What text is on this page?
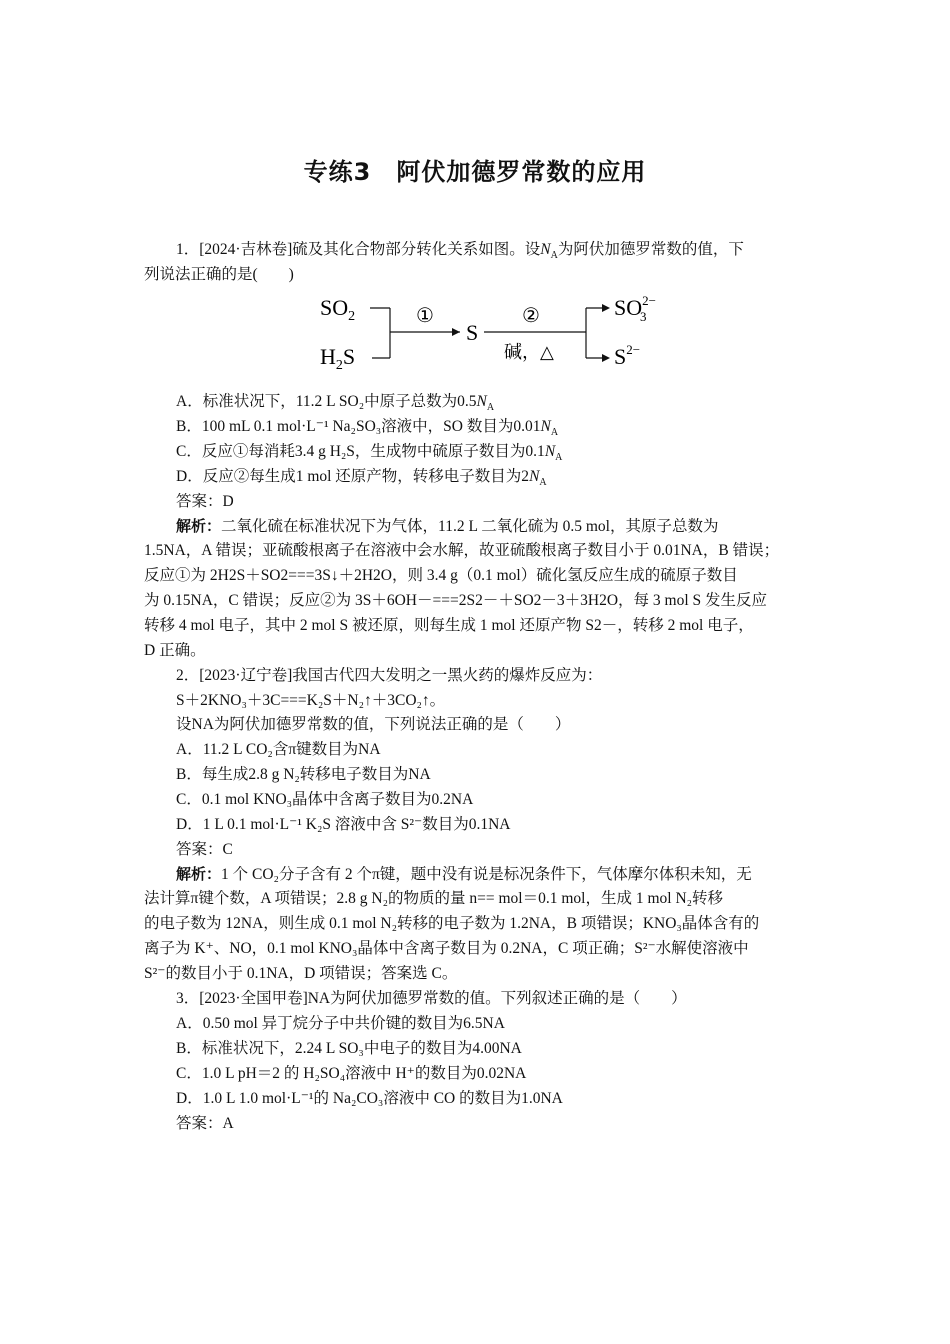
专练3　阿伏加德罗常数的应用
1．[2024·吉林卷]硫及其化合物部分转化关系如图。设$N_A$为阿伏加德罗常数的值，下
列说法正确的是(　　)
$SO_2$
$H_2S$
①
S
②
碱，△
$SO^{2-}$ 3
$S^{2-}$
A．标准状况下，11.2 L SO₂中原子总数为$0.5N_A$
B．100 mL 0.1 mol·L⁻¹ Na₂SO₃溶液中，SO 数目为$0.01N_A$
C．反应①每消耗3.4 g H₂S，生成物中硫原子数目为$0.1N_A$
D．反应②每生成1 mol 还原产物，转移电子数目为$2N_A$
答案：D
解析：二氧化硫在标准状况下为气体，11.2 L 二氧化硫为 0.5 mol，其原子总数为
1.5NA，A 错误；亚硫酸根离子在溶液中会水解，故亚硫酸根离子数目小于 0.01NA，B 错误；
反应①为 2H2S＋SO2===3S↓＋2H2O，则 3.4 g（0.1 mol）硫化氢反应生成的硫原子数目
为 0.15NA，C 错误；反应②为 3S＋6OH－===2S2－＋SO2－3＋3H2O，每 3 mol S 发生反应
转移 4 mol 电子，其中 2 mol S 被还原，则每生成 1 mol 还原产物 S2－，转移 2 mol 电子，
D 正确。
2．[2023·辽宁卷]我国古代四大发明之一黑火药的爆炸反应为：
S＋2KNO₃＋3C===K₂S＋N₂↑＋3CO₂↑。
设NA为阿伏加德罗常数的值，下列说法正确的是（　　）
A．11.2 L CO₂含π键数目为NA
B．每生成2.8 g N₂转移电子数目为NA
C．0.1 mol KNO₃晶体中含离子数目为0.2NA
D．1 L 0.1 mol·L⁻¹ K₂S 溶液中含 S²⁻数目为0.1NA
答案：C
解析：1 个 CO₂分子含有 2 个π键，题中没有说是标况条件下，气体摩尔体积未知，无
法计算π键个数，A 项错误；2.8 g N₂的物质的量 n== mol＝0.1 mol，生成 1 mol N₂转移
的电子数为 12NA，则生成 0.1 mol N₂转移的电子数为 1.2NA，B 项错误；KNO₃晶体含有的
离子为 K⁺、NO，0.1 mol KNO₃晶体中含离子数目为 0.2NA，C 项正确；S²⁻水解使溶液中
S²⁻的数目小于 0.1NA，D 项错误；答案选 C。
3．[2023·全国甲卷]NA为阿伏加德罗常数的值。下列叙述正确的是（　　）
A．0.50 mol 异丁烷分子中共价键的数目为6.5NA
B．标准状况下，2.24 L SO₃中电子的数目为4.00NA
C．1.0 L pH＝2 的 H₂SO₄溶液中 H⁺的数目为0.02NA
D．1.0 L 1.0 mol·L⁻¹的 Na₂CO₃溶液中 CO 的数目为1.0NA
答案：A
